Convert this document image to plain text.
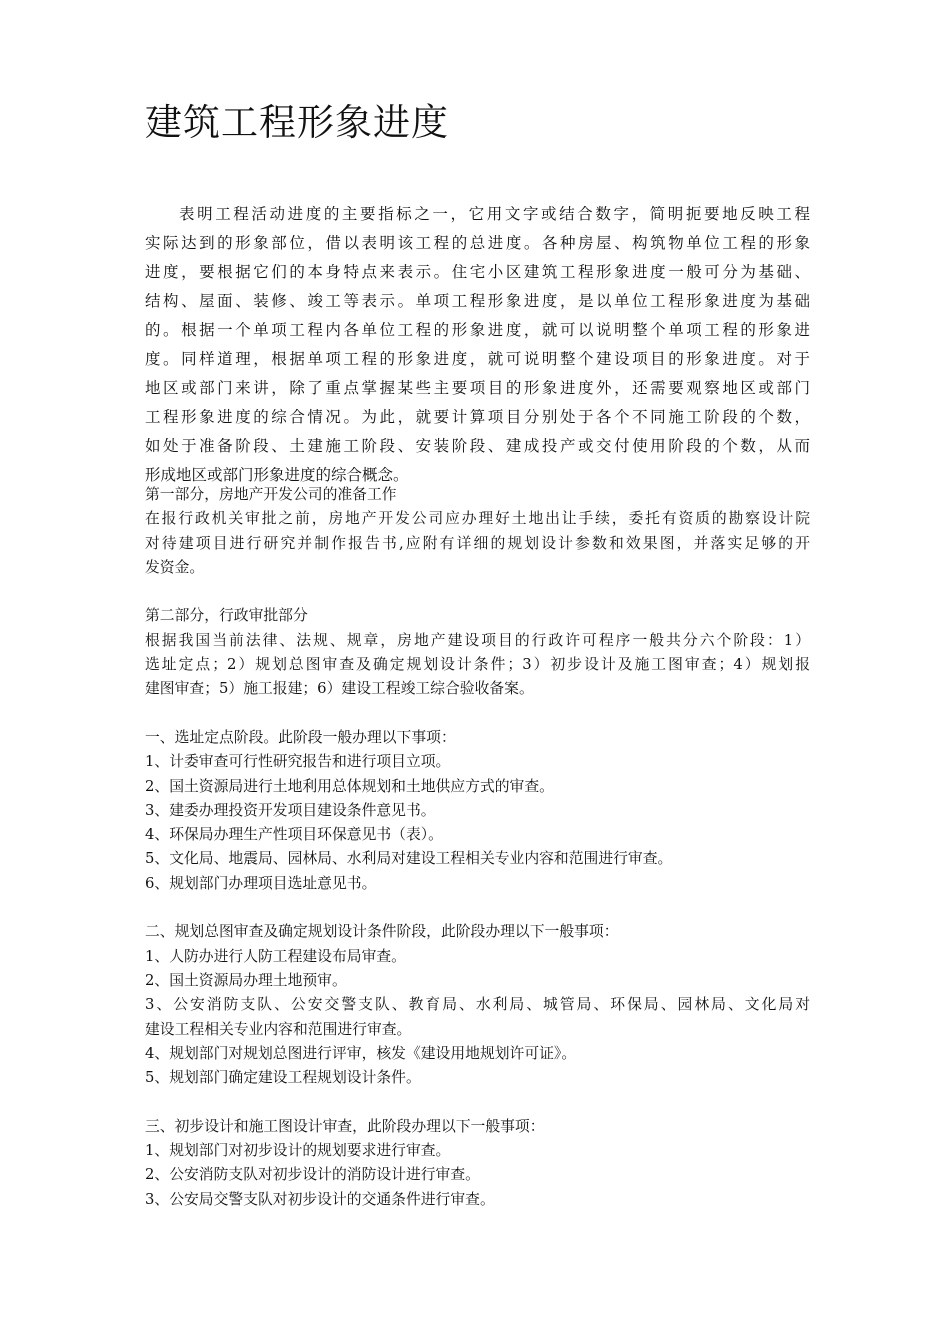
建筑工程形象进度
表明工程活动进度的主要指标之一，它用文字或结合数字，简明扼要地反映工程
实际达到的形象部位，借以表明该工程的总进度。各种房屋、构筑物单位工程的形象
进度，要根据它们的本身特点来表示。住宅小区建筑工程形象进度一般可分为基础、
结构、屋面、装修、竣工等表示。单项工程形象进度，是以单位工程形象进度为基础
的。根据一个单项工程内各单位工程的形象进度，就可以说明整个单项工程的形象进
度。同样道理，根据单项工程的形象进度，就可说明整个建设项目的形象进度。对于
地区或部门来讲，除了重点掌握某些主要项目的形象进度外，还需要观察地区或部门
工程形象进度的综合情况。为此，就要计算项目分别处于各个不同施工阶段的个数，
如处于准备阶段、土建施工阶段、安装阶段、建成投产或交付使用阶段的个数，从而
形成地区或部门形象进度的综合概念。
第一部分，房地产开发公司的准备工作
在报行政机关审批之前，房地产开发公司应办理好土地出让手续，委托有资质的勘察设计院
对待建项目进行研究并制作报告书,应附有详细的规划设计参数和效果图，并落实足够的开
发资金。
第二部分，行政审批部分
根据我国当前法律、法规、规章，房地产建设项目的行政许可程序一般共分六个阶段：1）
选址定点；2）规划总图审查及确定规划设计条件；3）初步设计及施工图审查；4）规划报
建图审查；5）施工报建；6）建设工程竣工综合验收备案。
一、选址定点阶段。此阶段一般办理以下事项：
1、计委审查可行性研究报告和进行项目立项。
2、国土资源局进行土地利用总体规划和土地供应方式的审查。
3、建委办理投资开发项目建设条件意见书。
4、环保局办理生产性项目环保意见书（表）。
5、文化局、地震局、园林局、水利局对建设工程相关专业内容和范围进行审查。
6、规划部门办理项目选址意见书。
二、规划总图审查及确定规划设计条件阶段，此阶段办理以下一般事项：
1、人防办进行人防工程建设布局审查。
2、国土资源局办理土地预审。
3、公安消防支队、公安交警支队、教育局、水利局、城管局、环保局、园林局、文化局对
建设工程相关专业内容和范围进行审查。
4、规划部门对规划总图进行评审，核发《建设用地规划许可证》。
5、规划部门确定建设工程规划设计条件。
三、初步设计和施工图设计审查，此阶段办理以下一般事项：
1、规划部门对初步设计的规划要求进行审查。
2、公安消防支队对初步设计的消防设计进行审查。
3、公安局交警支队对初步设计的交通条件进行审查。
